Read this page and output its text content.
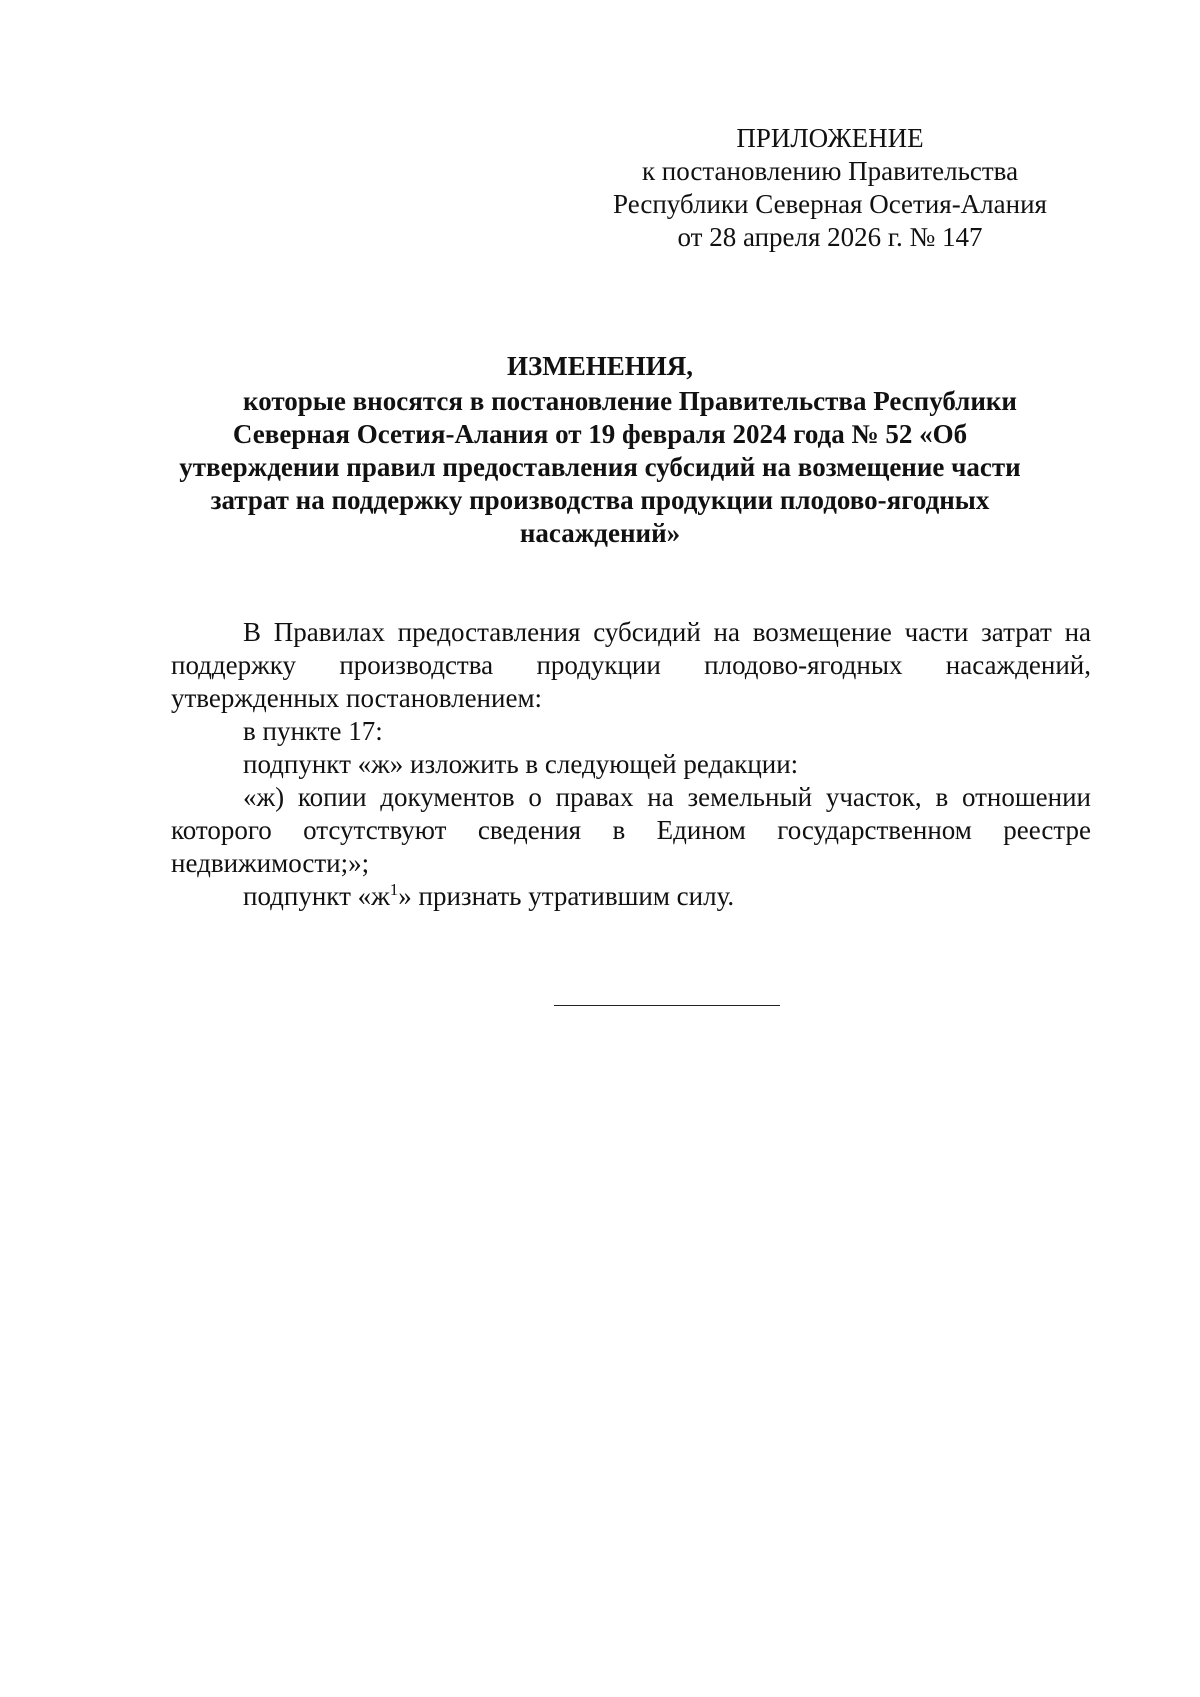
ПРИЛОЖЕНИЕ
к постановлению Правительства
Республики Северная Осетия-Алания
от 28 апреля 2026 г. № 147
ИЗМЕНЕНИЯ,
которые вносятся в постановление Правительства Республики
Северная Осетия-Алания от 19 февраля 2024 года № 52 «Об
утверждении правил предоставления субсидий на возмещение части
затрат на поддержку производства продукции плодово-ягодных
насаждений»
В Правилах предоставления субсидий на возмещение части затрат на
поддержку производства продукции плодово-ягодных насаждений,
утвержденных постановлением:
в пункте 17:
подпункт «ж» изложить в следующей редакции:
«ж) копии документов о правах на земельный участок, в отношении
которого отсутствуют сведения в Едином государственном реестре
недвижимости;»;
подпункт «$ж^1$» признать утратившим силу.
